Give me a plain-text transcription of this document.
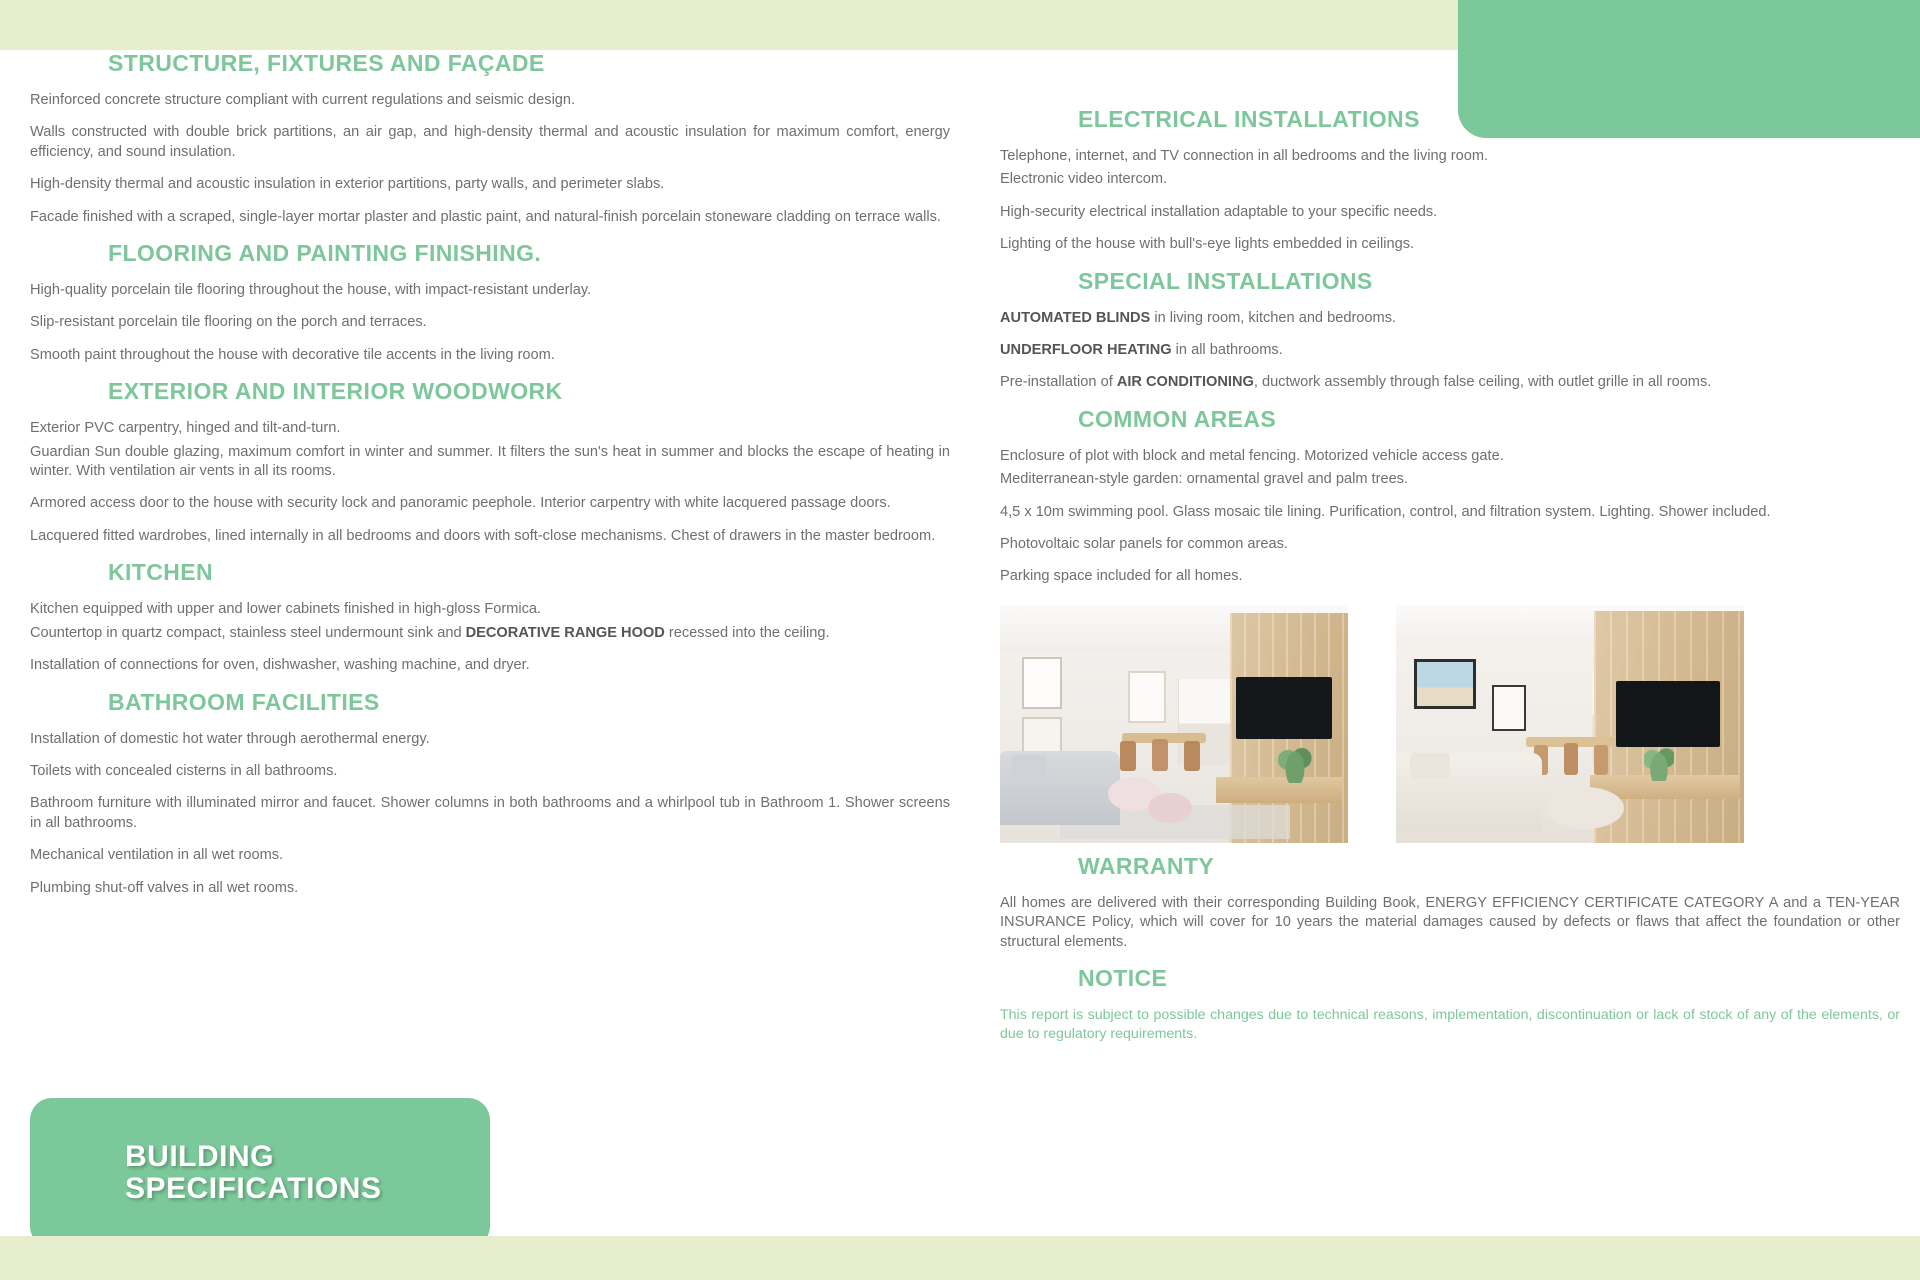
STRUCTURE, FIXTURES AND FAÇADE

Reinforced concrete structure compliant with current regulations and seismic design.

Walls constructed with double brick partitions, an air gap, and high-density thermal and acoustic insulation for maximum comfort, energy efficiency, and sound insulation.

High-density thermal and acoustic insulation in exterior partitions, party walls, and perimeter slabs.

Facade finished with a scraped, single-layer mortar plaster and plastic paint, and natural-finish porcelain stoneware cladding on terrace walls.

FLOORING AND PAINTING FINISHING.

High-quality porcelain tile flooring throughout the house, with impact-resistant underlay.

Slip-resistant porcelain tile flooring on the porch and terraces.

Smooth paint throughout the house with decorative tile accents in the living room.

EXTERIOR AND INTERIOR WOODWORK

Exterior PVC carpentry, hinged and tilt-and-turn.

Guardian Sun double glazing, maximum comfort in winter and summer. It filters the sun's heat in summer and blocks the escape of heating in winter. With ventilation air vents in all its rooms.

Armored access door to the house with security lock and panoramic peephole. Interior carpentry with white lacquered passage doors.

Lacquered fitted wardrobes, lined internally in all bedrooms and doors with soft-close mechanisms. Chest of drawers in the master bedroom.

KITCHEN

Kitchen equipped with upper and lower cabinets finished in high-gloss Formica.

Countertop in quartz compact, stainless steel undermount sink and DECORATIVE RANGE HOOD recessed into the ceiling.

Installation of connections for oven, dishwasher, washing machine, and dryer.

BATHROOM FACILITIES

Installation of domestic hot water through aerothermal energy.

Toilets with concealed cisterns in all bathrooms.

Bathroom furniture with illuminated mirror and faucet. Shower columns in both bathrooms and a whirlpool tub in Bathroom 1. Shower screens in all bathrooms.

Mechanical ventilation in all wet rooms.

Plumbing shut-off valves in all wet rooms.

ELECTRICAL INSTALLATIONS

Telephone, internet, and TV connection in all bedrooms and the living room.

Electronic video intercom.

High-security electrical installation adaptable to your specific needs.

Lighting of the house with bull's-eye lights embedded in ceilings.

SPECIAL INSTALLATIONS

AUTOMATED BLINDS in living room, kitchen and bedrooms.

UNDERFLOOR HEATING in all bathrooms.

Pre-installation of AIR CONDITIONING, ductwork assembly through false ceiling, with outlet grille in all rooms.

COMMON AREAS

Enclosure of plot with block and metal fencing. Motorized vehicle access gate.

Mediterranean-style garden: ornamental gravel and palm trees.

4,5 x 10m swimming pool. Glass mosaic tile lining. Purification, control, and filtration system. Lighting. Shower included.

Photovoltaic solar panels for common areas.

Parking space included for all homes.

WARRANTY

All homes are delivered with their corresponding Building Book, ENERGY EFFICIENCY CERTIFICATE CATEGORY A and a TEN-YEAR INSURANCE Policy, which will cover for 10 years the material damages caused by defects or flaws that affect the foundation or other structural elements.

NOTICE

This report is subject to possible changes due to technical reasons, implementation, discontinuation or lack of stock of any of the elements, or due to regulatory requirements.

BUILDING
SPECIFICATIONS
